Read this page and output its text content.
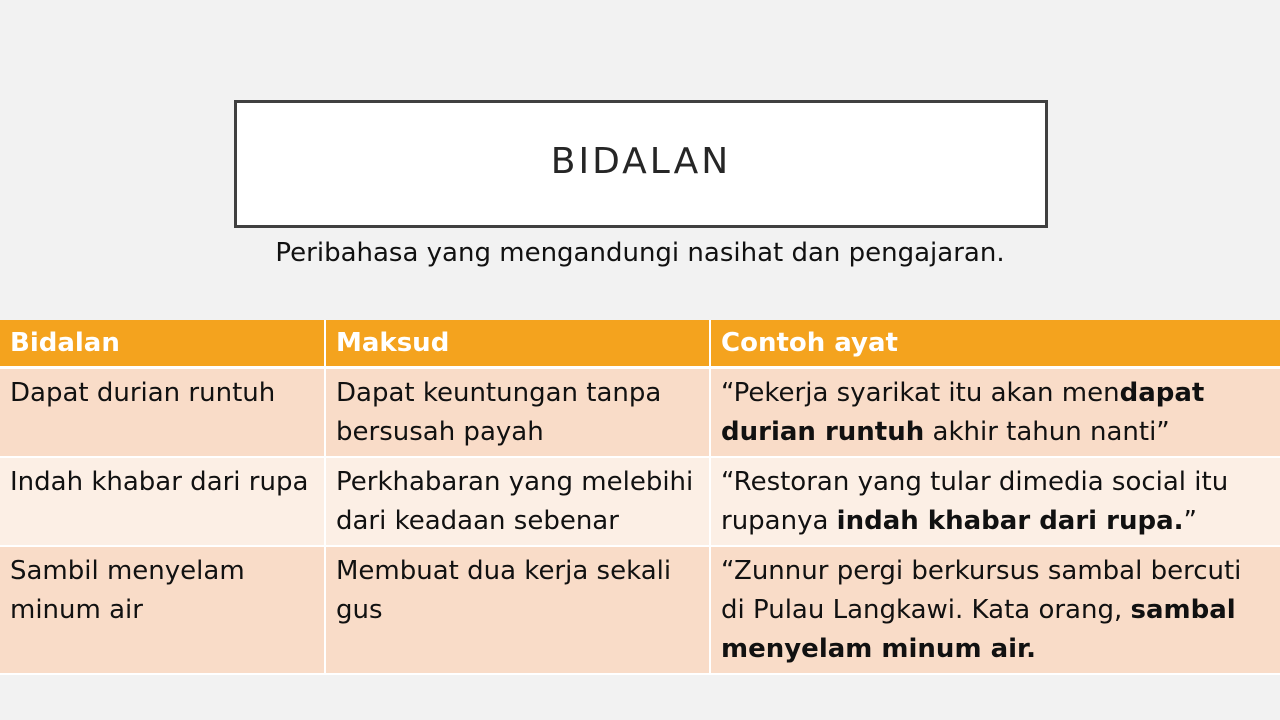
BIDALAN
Peribahasa yang mengandungi nasihat dan pengajaran.
Bidalan	Maksud	Contoh ayat
Dapat durian runtuh	Dapat keuntungan tanpa bersusah payah	“Pekerja syarikat itu akan mendapat durian runtuh akhir tahun nanti”
Indah khabar dari rupa	Perkhabaran yang melebihi dari keadaan sebenar	“Restoran yang tular dimedia social itu rupanya indah khabar dari rupa.”
Sambil menyelam minum air	Membuat dua kerja sekali gus	“Zunnur pergi berkursus sambal bercuti di Pulau Langkawi. Kata orang, sambal menyelam minum air.
